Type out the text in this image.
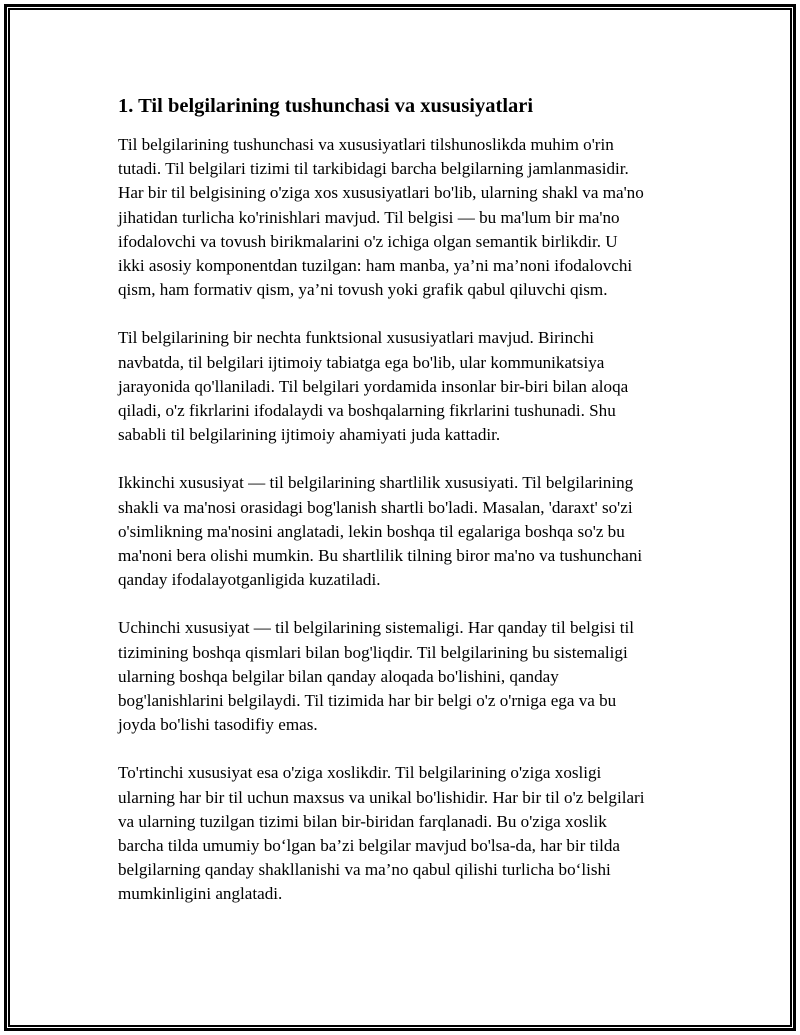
1. Til belgilarining tushunchasi va xususiyatlari

Til belgilarining tushunchasi va xususiyatlari tilshunoslikda muhim o'rin
tutadi. Til belgilari tizimi til tarkibidagi barcha belgilarning jamlanmasidir.
Har bir til belgisining o'ziga xos xususiyatlari bo'lib, ularning shakl va ma'no
jihatidan turlicha ko'rinishlari mavjud. Til belgisi — bu ma'lum bir ma'no
ifodalovchi va tovush birikmalarini o'z ichiga olgan semantik birlikdir. U
ikki asosiy komponentdan tuzilgan: ham manba, ya’ni ma’noni ifodalovchi
qism, ham formativ qism, ya’ni tovush yoki grafik qabul qiluvchi qism.

Til belgilarining bir nechta funktsional xususiyatlari mavjud. Birinchi
navbatda, til belgilari ijtimoiy tabiatga ega bo'lib, ular kommunikatsiya
jarayonida qo'llaniladi. Til belgilari yordamida insonlar bir-biri bilan aloqa
qiladi, o'z fikrlarini ifodalaydi va boshqalarning fikrlarini tushunadi. Shu
sababli til belgilarining ijtimoiy ahamiyati juda kattadir.

Ikkinchi xususiyat — til belgilarining shartlilik xususiyati. Til belgilarining
shakli va ma'nosi orasidagi bog'lanish shartli bo'ladi. Masalan, 'daraxt' so'zi
o'simlikning ma'nosini anglatadi, lekin boshqa til egalariga boshqa so'z bu
ma'noni bera olishi mumkin. Bu shartlilik tilning biror ma'no va tushunchani
qanday ifodalayotganligida kuzatiladi.

Uchinchi xususiyat — til belgilarining sistemaligi. Har qanday til belgisi til
tizimining boshqa qismlari bilan bog'liqdir. Til belgilarining bu sistemaligi
ularning boshqa belgilar bilan qanday aloqada bo'lishini, qanday
bog'lanishlarini belgilaydi. Til tizimida har bir belgi o'z o'rniga ega va bu
joyda bo'lishi tasodifiy emas.

To'rtinchi xususiyat esa o'ziga xoslikdir. Til belgilarining o'ziga xosligi
ularning har bir til uchun maxsus va unikal bo'lishidir. Har bir til o'z belgilari
va ularning tuzilgan tizimi bilan bir-biridan farqlanadi. Bu o'ziga xoslik
barcha tilda umumiy bo‘lgan ba’zi belgilar mavjud bo'lsa-da, har bir tilda
belgilarning qanday shakllanishi va ma’no qabul qilishi turlicha bo‘lishi
mumkinligini anglatadi.
